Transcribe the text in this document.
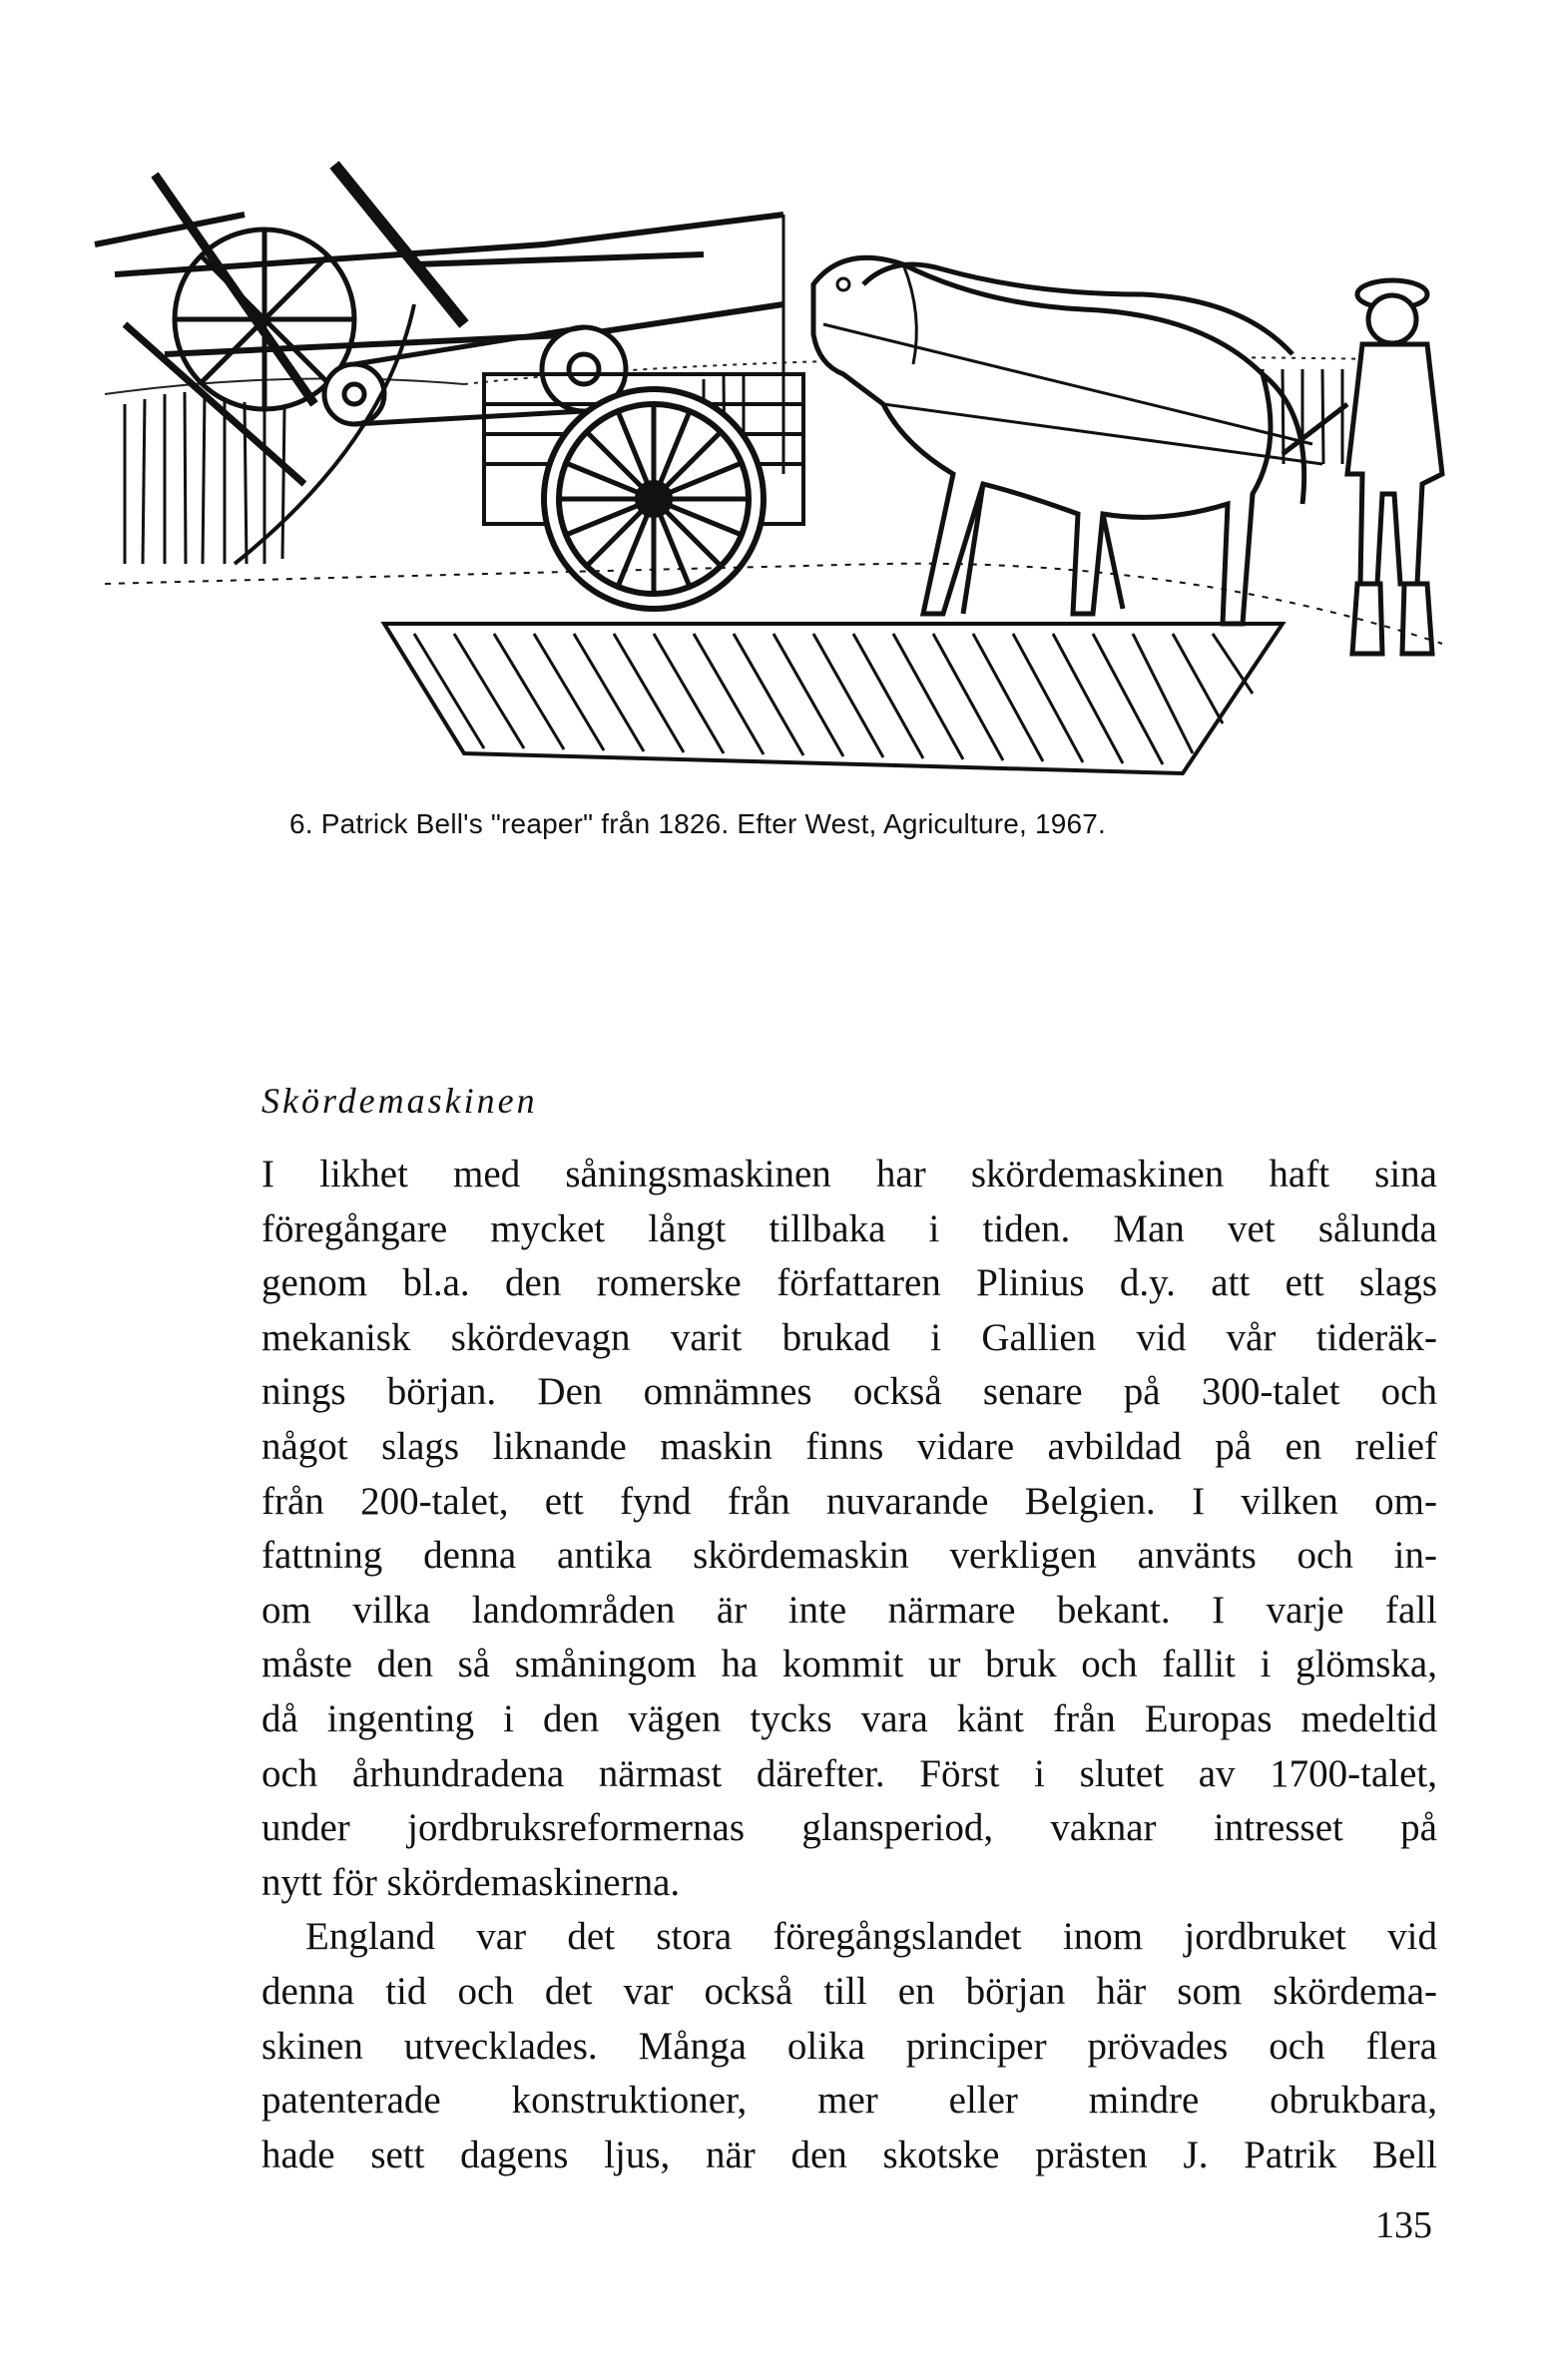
6. Patrick Bell's "reaper" från 1826. Efter West, Agriculture, 1967.
Skördemaskinen

I likhet med såningsmaskinen har skördemaskinen haft sina
föregångare mycket långt tillbaka i tiden. Man vet sålunda
genom bl.a. den romerske författaren Plinius d.y. att ett slags
mekanisk skördevagn varit brukad i Gallien vid vår tideräk-
nings början. Den omnämnes också senare på 300-talet och
något slags liknande maskin finns vidare avbildad på en relief
från 200-talet, ett fynd från nuvarande Belgien. I vilken om-
fattning denna antika skördemaskin verkligen använts och in-
om vilka landområden är inte närmare bekant. I varje fall
måste den så småningom ha kommit ur bruk och fallit i glömska,
då ingenting i den vägen tycks vara känt från Europas medeltid
och århundradena närmast därefter. Först i slutet av 1700-talet,
under jordbruksreformernas glansperiod, vaknar intresset på
nytt för skördemaskinerna.

England var det stora föregångslandet inom jordbruket vid
denna tid och det var också till en början här som skördema-
skinen utvecklades. Många olika principer prövades och flera
patenterade konstruktioner, mer eller mindre obrukbara,
hade sett dagens ljus, när den skotske prästen J. Patrik Bell

135
